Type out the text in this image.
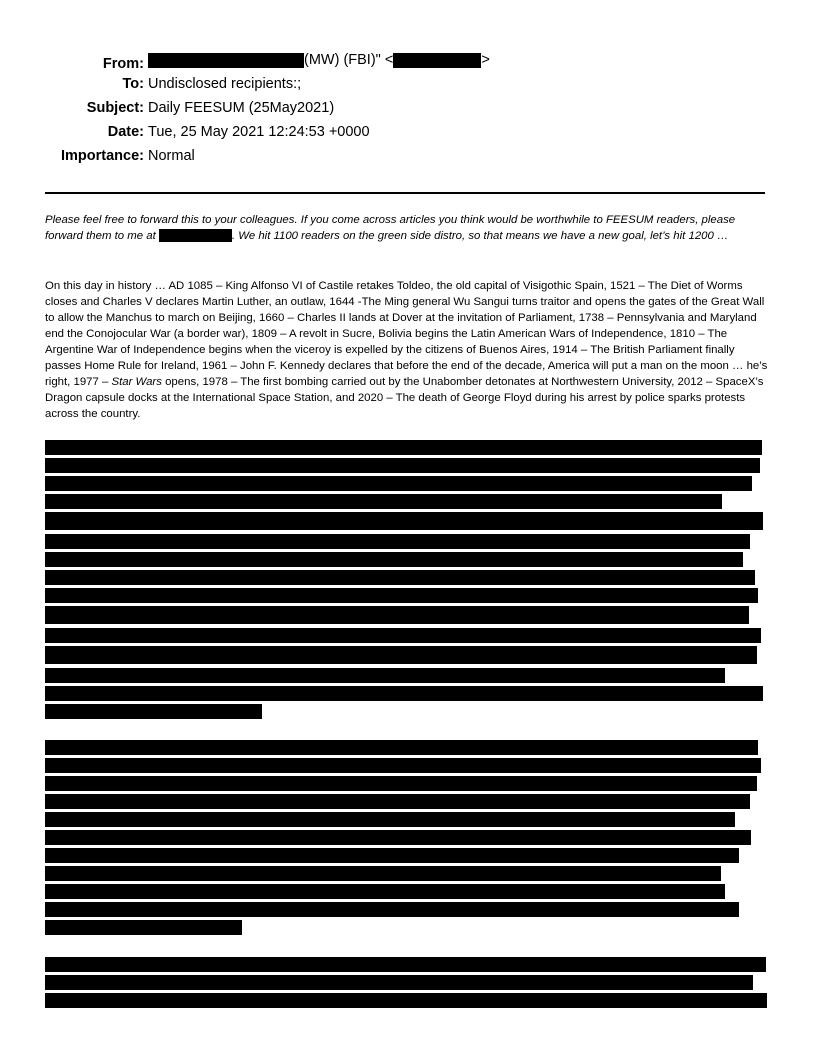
From:	(MW) (FBI)" <	>
To: Undisclosed recipients:;
Subject: Daily FEESUM (25May2021)
Date: Tue, 25 May 2021 12:24:53 +0000
Importance: Normal
Please feel free to forward this to your colleagues. If you come across articles you think would be worthwhile to FEESUM readers, please forward them to me at	. We hit 1100 readers on the green side distro, so that means we have a new goal, let’s hit 1200 …
On this day in history … AD 1085 – King Alfonso VI of Castile retakes Toldeo, the old capital of Visigothic Spain, 1521 – The Diet of Worms closes and Charles V declares Martin Luther, an outlaw, 1644 -The Ming general Wu Sangui turns traitor and opens the gates of the Great Wall to allow the Manchus to march on Beijing, 1660 – Charles II lands at Dover at the invitation of Parliament, 1738 – Pennsylvania and Maryland end the Conojocular War (a border war), 1809 – A revolt in Sucre, Bolivia begins the Latin American Wars of Independence, 1810 – The Argentine War of Independence begins when the viceroy is expelled by the citizens of Buenos Aires, 1914 – The British Parliament finally passes Home Rule for Ireland, 1961 – John F. Kennedy declares that before the end of the decade, America will put a man on the moon … he’s right, 1977 – Star Wars opens, 1978 – The first bombing carried out by the Unabomber detonates at Northwestern University, 2012 – SpaceX’s Dragon capsule docks at the International Space Station, and 2020 – The death of George Floyd during his arrest by police sparks protests across the country.
